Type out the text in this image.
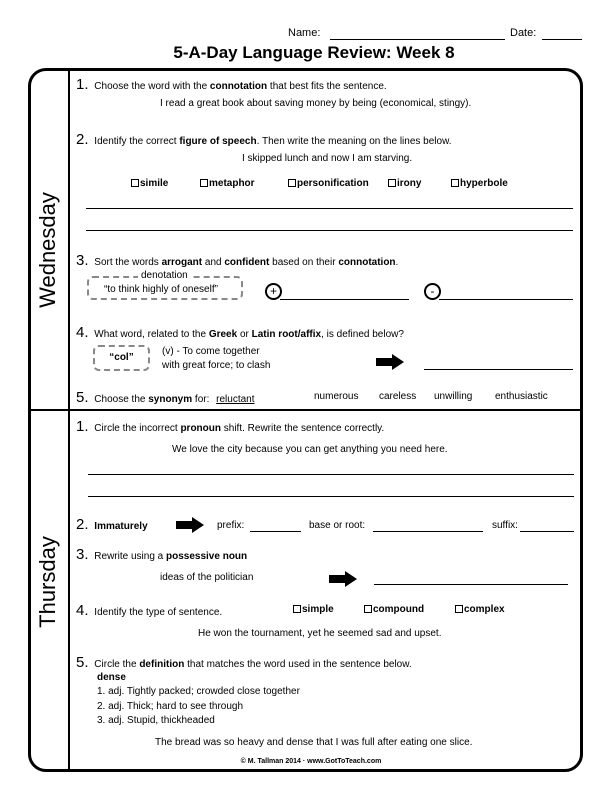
Name:	Date:
5-A-Day Language Review: Week 8
Wednesday
Thursday
1. Choose the word with the connotation that best fits the sentence.
I read a great book about saving money by being (economical, stingy).
2. Identify the correct figure of speech. Then write the meaning on the lines below.
I skipped lunch and now I am starving.
simile	metaphor	personification	irony	hyperbole
3. Sort the words arrogant and confident based on their connotation.
denotation
“to think highly of oneself”	+	-
4. What word, related to the Greek or Latin root/affix, is defined below?
“col”
(v) - To come together
with great force; to clash
5. Choose the synonym for: reluctant	numerous careless unwilling enthusiastic
1. Circle the incorrect pronoun shift. Rewrite the sentence correctly.
We love the city because you can get anything you need here.
2. Immaturely	prefix:	base or root:	suffix:
3. Rewrite using a possessive noun
ideas of the politician
4. Identify the type of sentence.	simple	compound	complex
He won the tournament, yet he seemed sad and upset.
5. Circle the definition that matches the word used in the sentence below.
dense
1. adj. Tightly packed; crowded close together
2. adj. Thick; hard to see through
3. adj. Stupid, thickheaded
The bread was so heavy and dense that I was full after eating one slice.
© M. Tallman 2014 · www.GotToTeach.com
